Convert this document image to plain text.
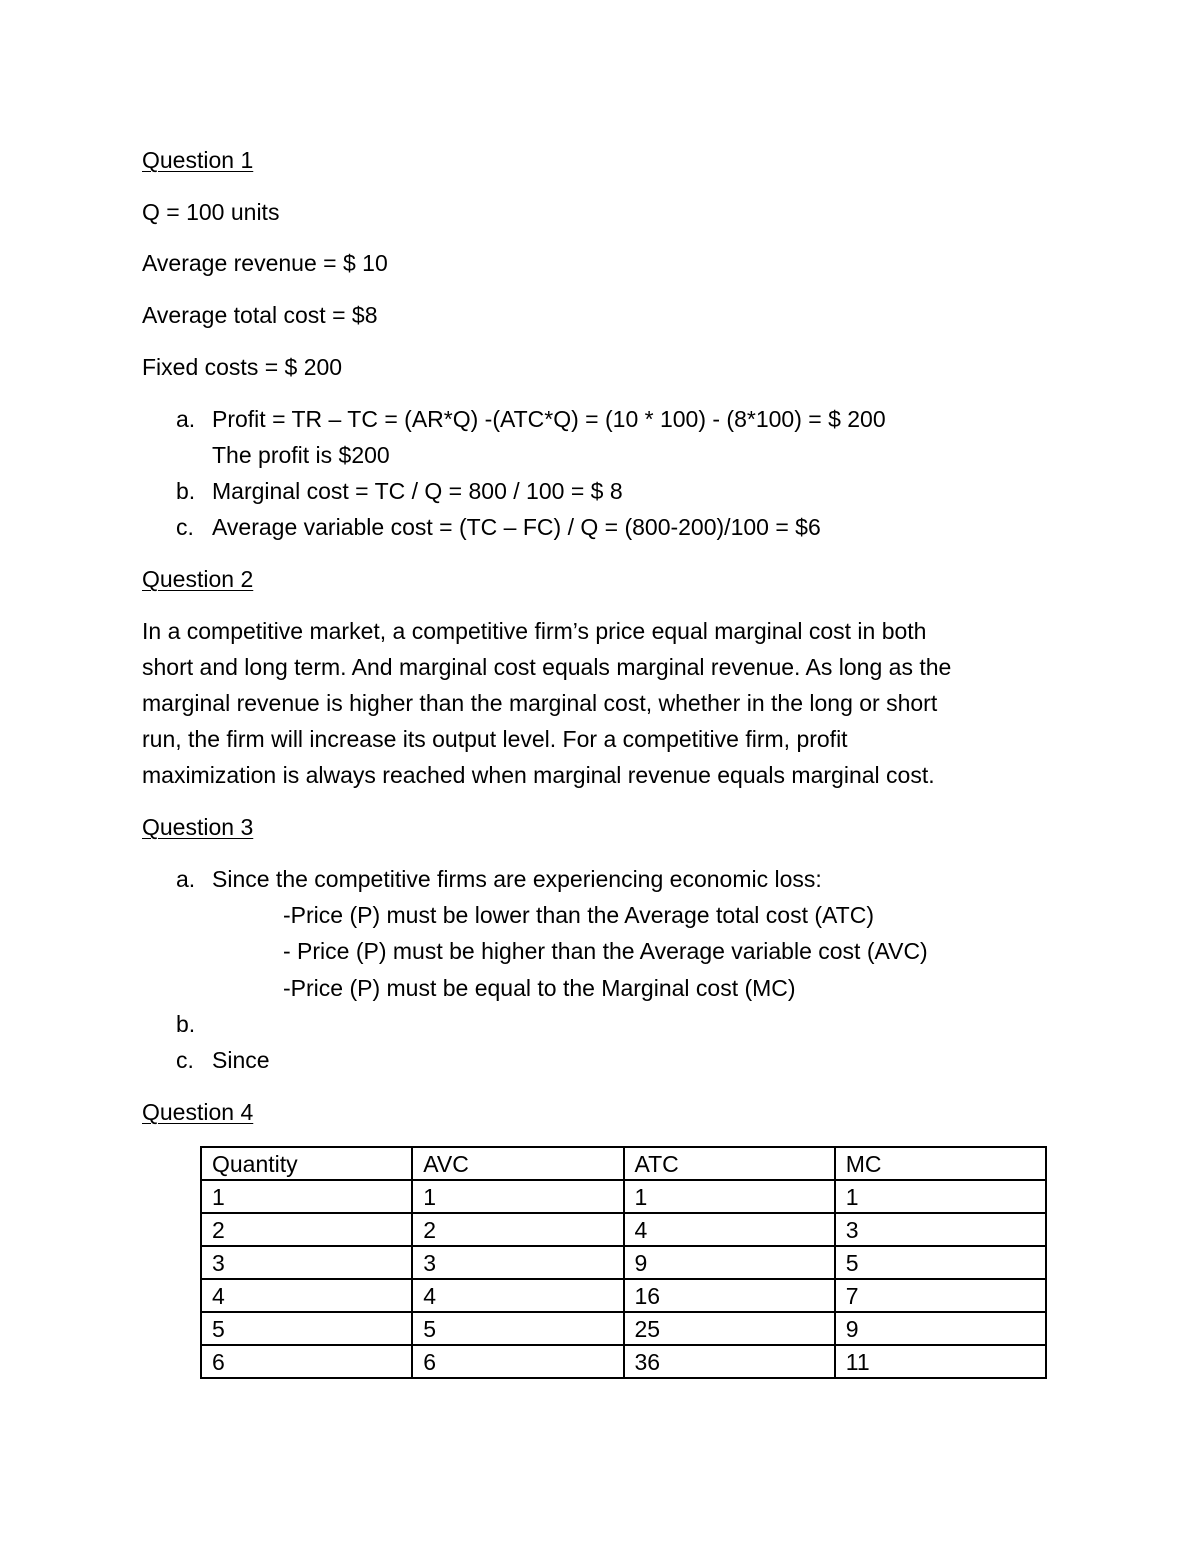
Question 1
Q = 100 units
Average revenue = $ 10
Average total cost = $8
Fixed costs = $ 200
a. Profit = TR – TC = (AR*Q) -(ATC*Q) = (10 * 100) - (8*100) = $ 200
The profit is $200
b. Marginal cost = TC / Q = 800 / 100 = $ 8
c. Average variable cost = (TC – FC) / Q = (800-200)/100 = $6
Question 2
In a competitive market, a competitive firm’s price equal marginal cost in both
short and long term. And marginal cost equals marginal revenue. As long as the
marginal revenue is higher than the marginal cost, whether in the long or short
run, the firm will increase its output level. For a competitive firm, profit
maximization is always reached when marginal revenue equals marginal cost.
Question 3
a. Since the competitive firms are experiencing economic loss:
-Price (P) must be lower than the Average total cost (ATC)
- Price (P) must be higher than the Average variable cost (AVC)
-Price (P) must be equal to the Marginal cost (MC)
b.
c. Since
Question 4
Quantity	AVC	ATC	MC
1	1	1	1
2	2	4	3
3	3	9	5
4	4	16	7
5	5	25	9
6	6	36	11
